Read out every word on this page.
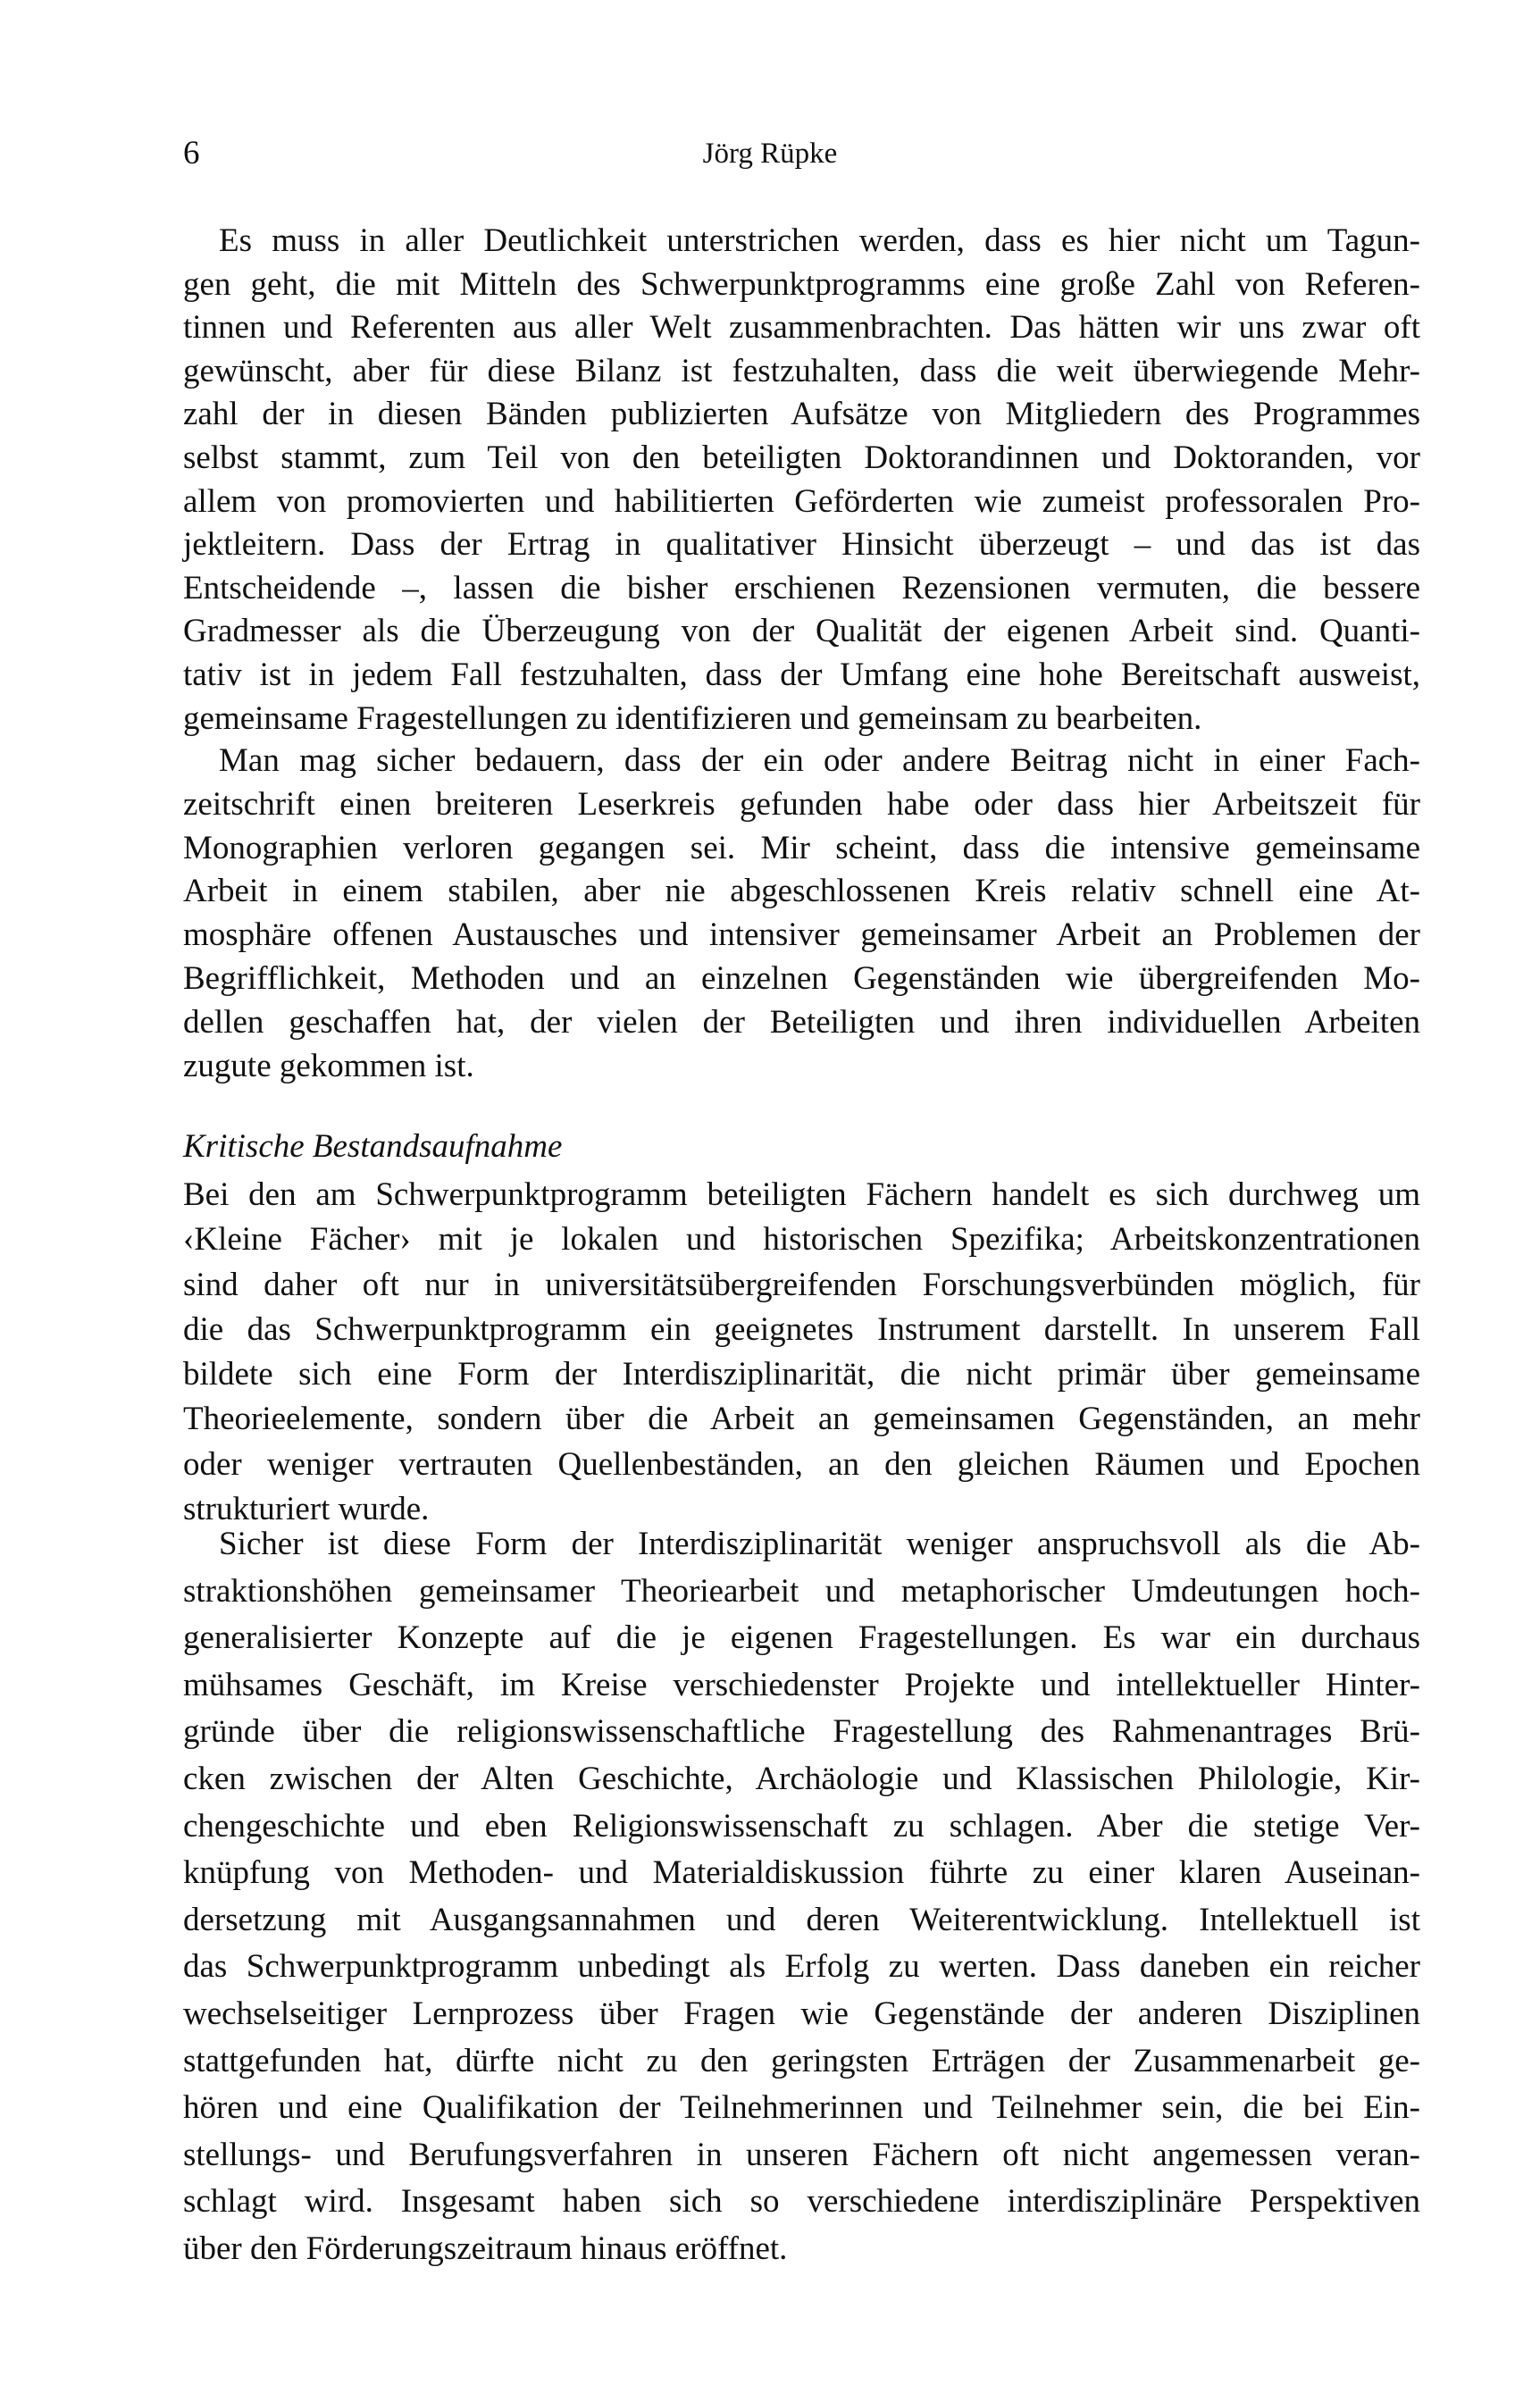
6	Jörg Rüpke
Es muss in aller Deutlichkeit unterstrichen werden, dass es hier nicht um Tagun-
gen geht, die mit Mitteln des Schwerpunktprogramms eine große Zahl von Referen-
tinnen und Referenten aus aller Welt zusammenbrachten. Das hätten wir uns zwar oft
gewünscht, aber für diese Bilanz ist festzuhalten, dass die weit überwiegende Mehr-
zahl der in diesen Bänden publizierten Aufsätze von Mitgliedern des Programmes
selbst stammt, zum Teil von den beteiligten Doktorandinnen und Doktoranden, vor
allem von promovierten und habilitierten Geförderten wie zumeist professoralen Pro-
jektleitern. Dass der Ertrag in qualitativer Hinsicht überzeugt – und das ist das
Entscheidende –, lassen die bisher erschienen Rezensionen vermuten, die bessere
Gradmesser als die Überzeugung von der Qualität der eigenen Arbeit sind. Quanti-
tativ ist in jedem Fall festzuhalten, dass der Umfang eine hohe Bereitschaft ausweist,
gemeinsame Fragestellungen zu identifizieren und gemeinsam zu bearbeiten.
Man mag sicher bedauern, dass der ein oder andere Beitrag nicht in einer Fach-
zeitschrift einen breiteren Leserkreis gefunden habe oder dass hier Arbeitszeit für
Monographien verloren gegangen sei. Mir scheint, dass die intensive gemeinsame
Arbeit in einem stabilen, aber nie abgeschlossenen Kreis relativ schnell eine At-
mosphäre offenen Austausches und intensiver gemeinsamer Arbeit an Problemen der
Begrifflichkeit, Methoden und an einzelnen Gegenständen wie übergreifenden Mo-
dellen geschaffen hat, der vielen der Beteiligten und ihren individuellen Arbeiten
zugute gekommen ist.
Kritische Bestandsaufnahme
Bei den am Schwerpunktprogramm beteiligten Fächern handelt es sich durchweg um
‹Kleine Fächer› mit je lokalen und historischen Spezifika; Arbeitskonzentrationen
sind daher oft nur in universitätsübergreifenden Forschungsverbünden möglich, für
die das Schwerpunktprogramm ein geeignetes Instrument darstellt. In unserem Fall
bildete sich eine Form der Interdisziplinarität, die nicht primär über gemeinsame
Theorieelemente, sondern über die Arbeit an gemeinsamen Gegenständen, an mehr
oder weniger vertrauten Quellenbeständen, an den gleichen Räumen und Epochen
strukturiert wurde.
Sicher ist diese Form der Interdisziplinarität weniger anspruchsvoll als die Ab-
straktionshöhen gemeinsamer Theoriearbeit und metaphorischer Umdeutungen hoch-
generalisierter Konzepte auf die je eigenen Fragestellungen. Es war ein durchaus
mühsames Geschäft, im Kreise verschiedenster Projekte und intellektueller Hinter-
gründe über die religionswissenschaftliche Fragestellung des Rahmenantrages Brü-
cken zwischen der Alten Geschichte, Archäologie und Klassischen Philologie, Kir-
chengeschichte und eben Religionswissenschaft zu schlagen. Aber die stetige Ver-
knüpfung von Methoden- und Materialdiskussion führte zu einer klaren Auseinan-
dersetzung mit Ausgangsannahmen und deren Weiterentwicklung. Intellektuell ist
das Schwerpunktprogramm unbedingt als Erfolg zu werten. Dass daneben ein reicher
wechselseitiger Lernprozess über Fragen wie Gegenstände der anderen Disziplinen
stattgefunden hat, dürfte nicht zu den geringsten Erträgen der Zusammenarbeit ge-
hören und eine Qualifikation der Teilnehmerinnen und Teilnehmer sein, die bei Ein-
stellungs- und Berufungsverfahren in unseren Fächern oft nicht angemessen veran-
schlagt wird. Insgesamt haben sich so verschiedene interdisziplinäre Perspektiven
über den Förderungszeitraum hinaus eröffnet.
